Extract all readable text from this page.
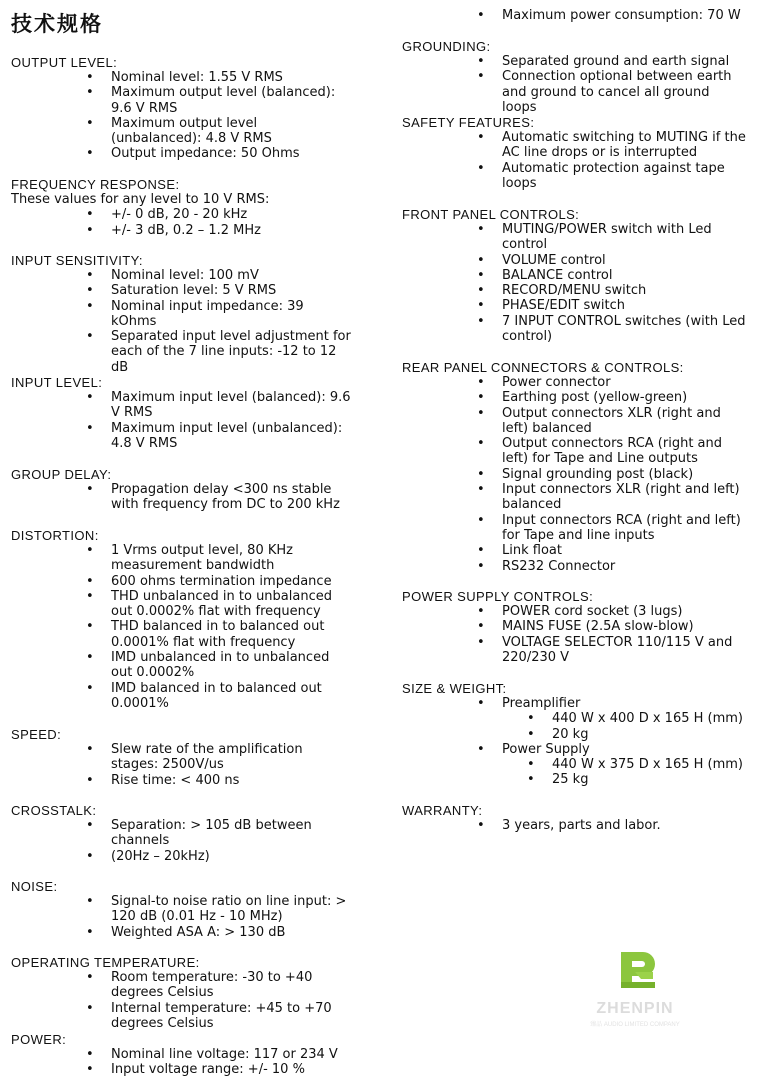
技术规格
OUTPUT LEVEL:
• Nominal level: 1.55 V RMS
• Maximum output level (balanced): 9.6 V RMS
• Maximum output level (unbalanced): 4.8 V RMS
• Output impedance: 50 Ohms
FREQUENCY RESPONSE:
These values for any level to 10 V RMS:
• +/- 0 dB, 20 - 20 kHz
• +/- 3 dB, 0.2 – 1.2 MHz
INPUT SENSITIVITY:
• Nominal level: 100 mV
• Saturation level: 5 V RMS
• Nominal input impedance: 39 kOhms
• Separated input level adjustment for each of the 7 line inputs: -12 to 12 dB
INPUT LEVEL:
• Maximum input level (balanced): 9.6 V RMS
• Maximum input level (unbalanced): 4.8 V RMS
GROUP DELAY:
• Propagation delay <300 ns stable with frequency from DC to 200 kHz
DISTORTION:
• 1 Vrms output level, 80 KHz measurement bandwidth
• 600 ohms termination impedance
• THD unbalanced in to unbalanced out 0.0002% flat with frequency
• THD balanced in to balanced out 0.0001% flat with frequency
• IMD unbalanced in to unbalanced out 0.0002%
• IMD balanced in to balanced out 0.0001%
SPEED:
• Slew rate of the amplification stages: 2500V/us
• Rise time: < 400 ns
CROSSTALK:
• Separation: > 105 dB between channels
• (20Hz – 20kHz)
NOISE:
• Signal-to noise ratio on line input: > 120 dB (0.01 Hz - 10 MHz)
• Weighted ASA A: > 130 dB
OPERATING TEMPERATURE:
• Room temperature: -30 to +40 degrees Celsius
• Internal temperature: +45 to +70 degrees Celsius
POWER:
• Nominal line voltage: 117 or 234 V
• Input voltage range: +/- 10 %
• Maximum power consumption: 70 W
GROUNDING:
• Separated ground and earth signal
• Connection optional between earth and ground to cancel all ground loops
SAFETY FEATURES:
• Automatic switching to MUTING if the AC line drops or is interrupted
• Automatic protection against tape loops
FRONT PANEL CONTROLS:
• MUTING/POWER switch with Led control
• VOLUME control
• BALANCE control
• RECORD/MENU switch
• PHASE/EDIT switch
• 7 INPUT CONTROL switches (with Led control)
REAR PANEL CONNECTORS & CONTROLS:
• Power connector
• Earthing post (yellow-green)
• Output connectors XLR (right and left) balanced
• Output connectors RCA (right and left) for Tape and Line outputs
• Signal grounding post (black)
• Input connectors XLR (right and left) balanced
• Input connectors RCA (right and left) for Tape and line inputs
• Link float
• RS232 Connector
POWER SUPPLY CONTROLS:
• POWER cord socket (3 lugs)
• MAINS FUSE (2.5A slow-blow)
• VOLTAGE SELECTOR 110/115 V and 220/230 V
SIZE & WEIGHT:
• Preamplifier
• 440 W x 400 D x 165 H (mm)
• 20 kg
• Power Supply
• 440 W x 375 D x 165 H (mm)
• 25 kg
WARRANTY:
• 3 years, parts and labor.
ZHENPIN
臻品 AUDIO LIMITED COMPANY
